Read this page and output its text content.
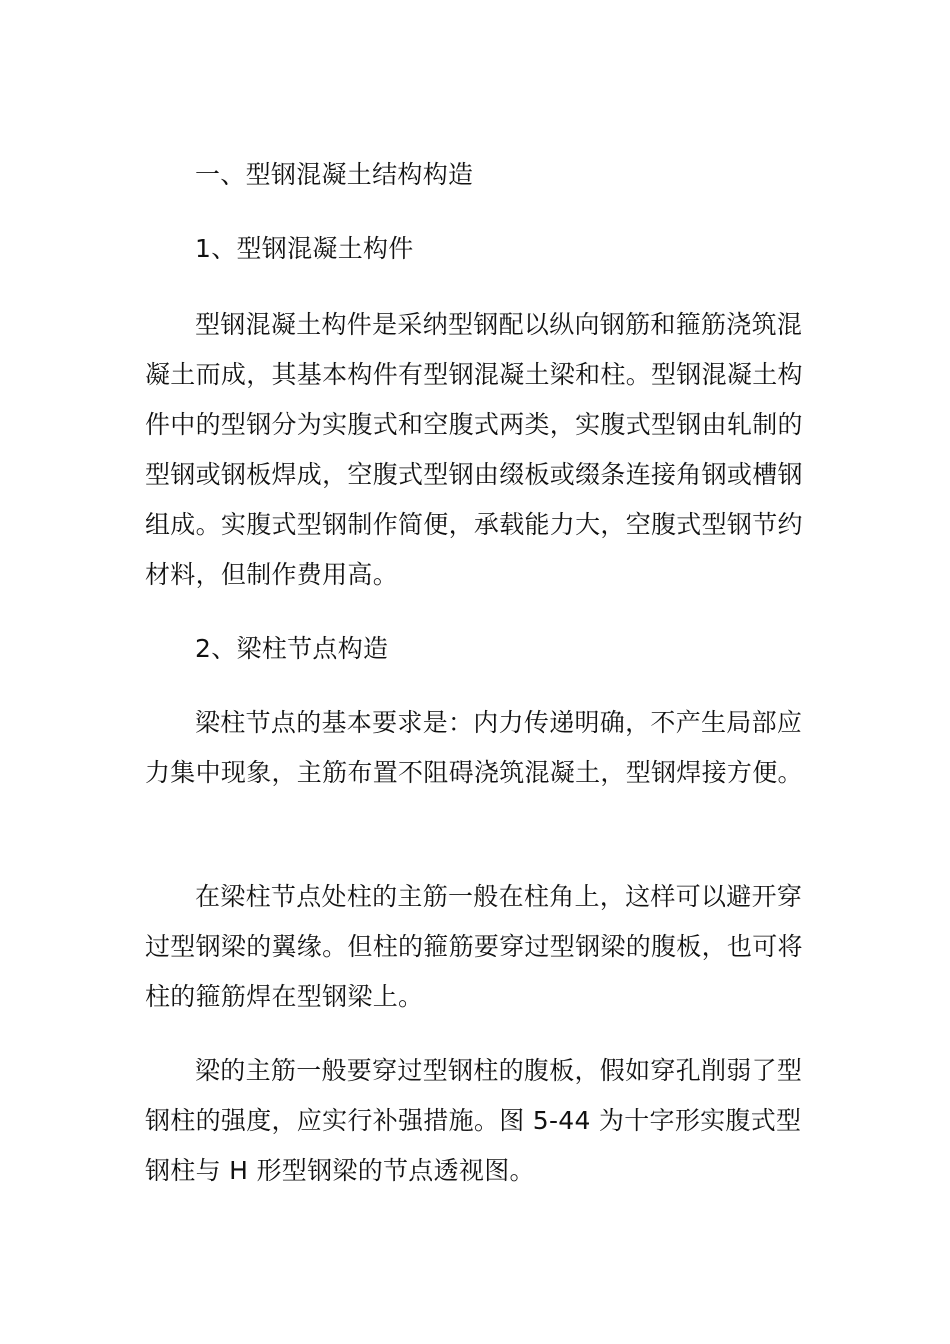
一、型钢混凝土结构构造
1、型钢混凝土构件

型钢混凝土构件是采纳型钢配以纵向钢筋和箍筋浇筑混凝土而成，其基本构件有型钢混凝土梁和柱。型钢混凝土构件中的型钢分为实腹式和空腹式两类，实腹式型钢由轧制的型钢或钢板焊成，空腹式型钢由缀板或缀条连接角钢或槽钢组成。实腹式型钢制作简便，承载能力大，空腹式型钢节约材料，但制作费用高。

2、梁柱节点构造

梁柱节点的基本要求是：内力传递明确，不产生局部应力集中现象，主筋布置不阻碍浇筑混凝土，型钢焊接方便。

在梁柱节点处柱的主筋一般在柱角上，这样可以避开穿过型钢梁的翼缘。但柱的箍筋要穿过型钢梁的腹板，也可将柱的箍筋焊在型钢梁上。

梁的主筋一般要穿过型钢柱的腹板，假如穿孔削弱了型钢柱的强度，应实行补强措施。图 5-44 为十字形实腹式型钢柱与 H 形型钢梁的节点透视图。
